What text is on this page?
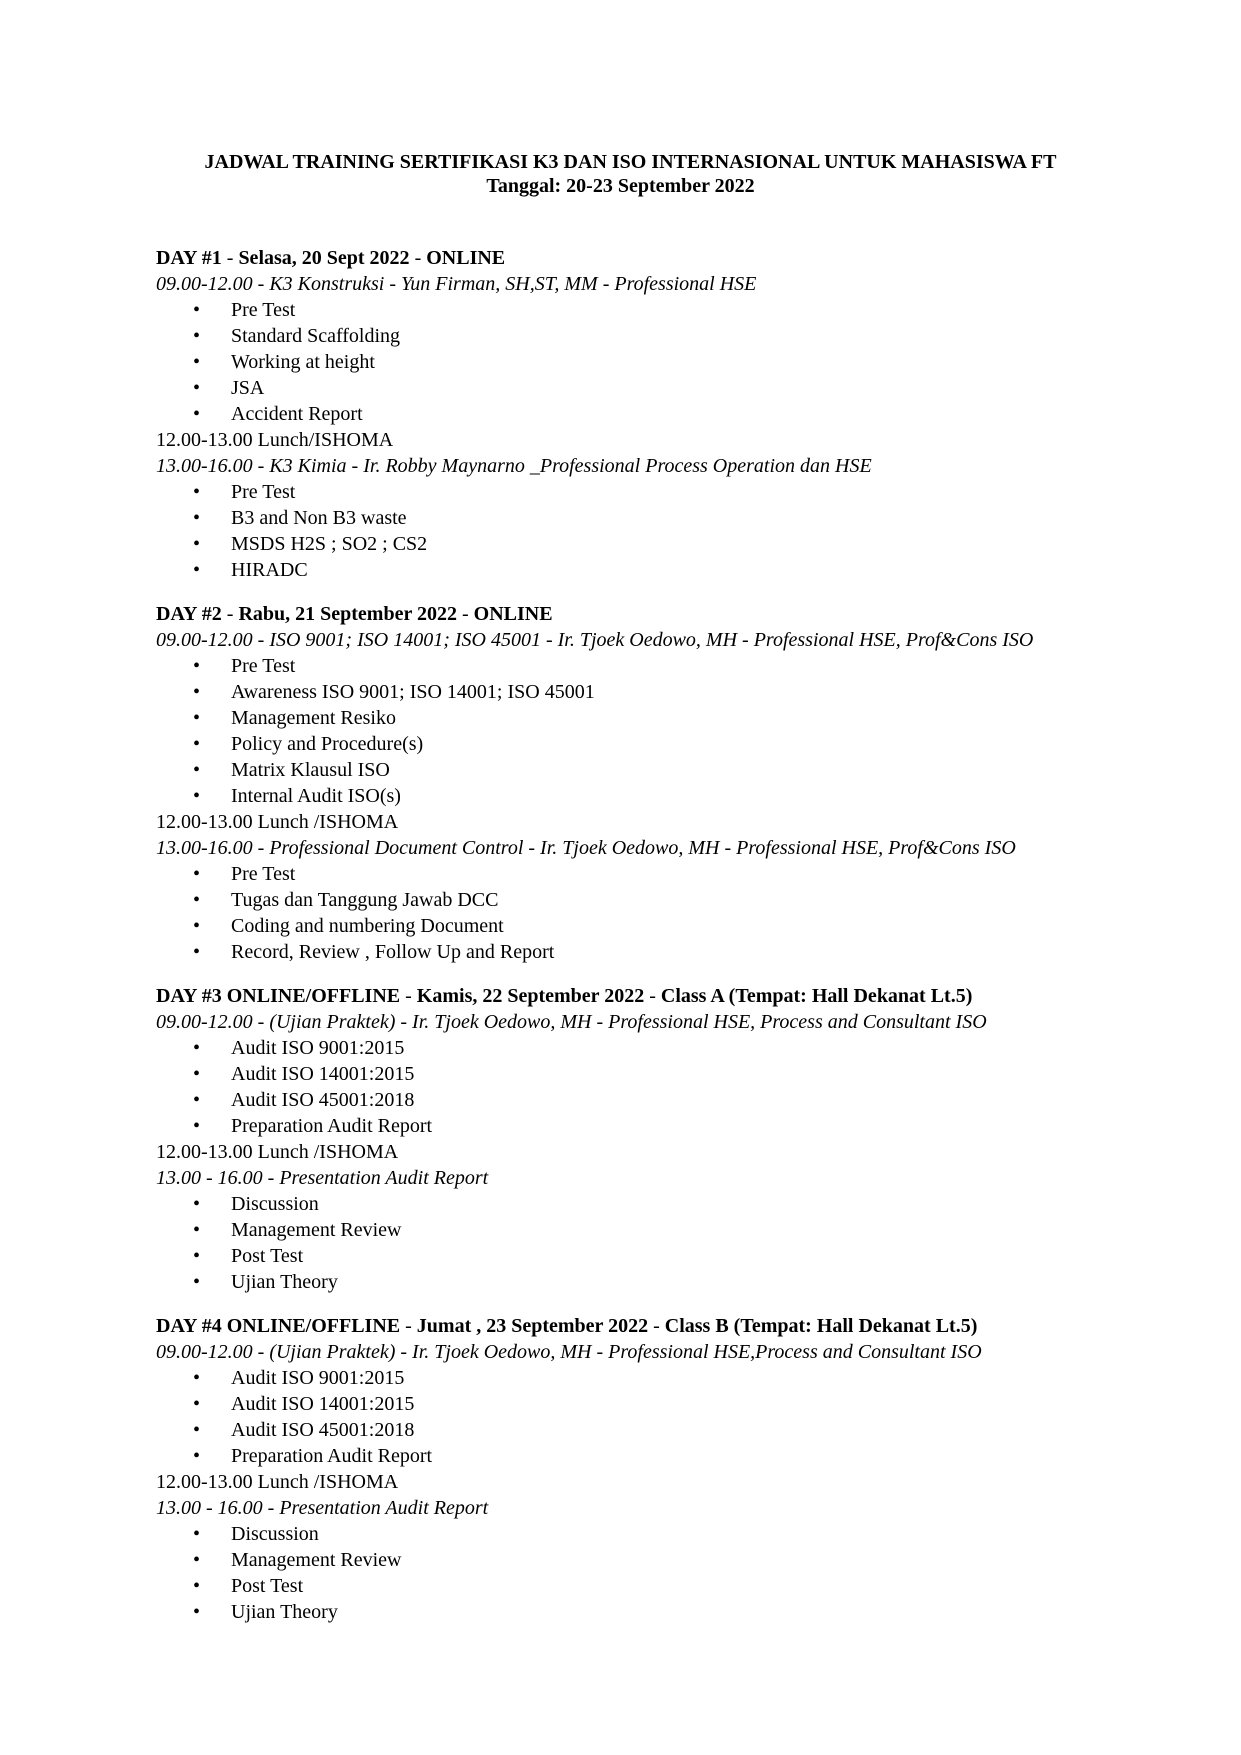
JADWAL TRAINING SERTIFIKASI K3 DAN ISO INTERNASIONAL UNTUK MAHASISWA FT
Tanggal: 20-23 September 2022
DAY #1 - Selasa, 20 Sept 2022 - ONLINE
09.00-12.00 - K3 Konstruksi - Yun Firman, SH,ST, MM - Professional HSE
• Pre Test
• Standard Scaffolding
• Working at height
• JSA
• Accident Report
12.00-13.00 Lunch/ISHOMA
13.00-16.00 - K3 Kimia - Ir. Robby Maynarno _Professional Process Operation dan HSE
• Pre Test
• B3 and Non B3 waste
• MSDS H2S ; SO2 ; CS2
• HIRADC
DAY #2 - Rabu, 21 September 2022 - ONLINE
09.00-12.00 - ISO 9001; ISO 14001; ISO 45001 - Ir. Tjoek Oedowo, MH - Professional HSE, Prof&Cons ISO
• Pre Test
• Awareness ISO 9001; ISO 14001; ISO 45001
• Management Resiko
• Policy and Procedure(s)
• Matrix Klausul ISO
• Internal Audit ISO(s)
12.00-13.00 Lunch /ISHOMA
13.00-16.00 - Professional Document Control - Ir. Tjoek Oedowo, MH - Professional HSE, Prof&Cons ISO
• Pre Test
• Tugas dan Tanggung Jawab DCC
• Coding and numbering Document
• Record, Review , Follow Up and Report
DAY #3 ONLINE/OFFLINE - Kamis, 22 September 2022 - Class A (Tempat: Hall Dekanat Lt.5)
09.00-12.00 - (Ujian Praktek) - Ir. Tjoek Oedowo, MH - Professional HSE, Process and Consultant ISO
• Audit ISO 9001:2015
• Audit ISO 14001:2015
• Audit ISO 45001:2018
• Preparation Audit Report
12.00-13.00 Lunch /ISHOMA
13.00 - 16.00 - Presentation Audit Report
• Discussion
• Management Review
• Post Test
• Ujian Theory
DAY #4 ONLINE/OFFLINE - Jumat , 23 September 2022 - Class B (Tempat: Hall Dekanat Lt.5)
09.00-12.00 - (Ujian Praktek) - Ir. Tjoek Oedowo, MH - Professional HSE,Process and Consultant ISO
• Audit ISO 9001:2015
• Audit ISO 14001:2015
• Audit ISO 45001:2018
• Preparation Audit Report
12.00-13.00 Lunch /ISHOMA
13.00 - 16.00 - Presentation Audit Report
• Discussion
• Management Review
• Post Test
• Ujian Theory
